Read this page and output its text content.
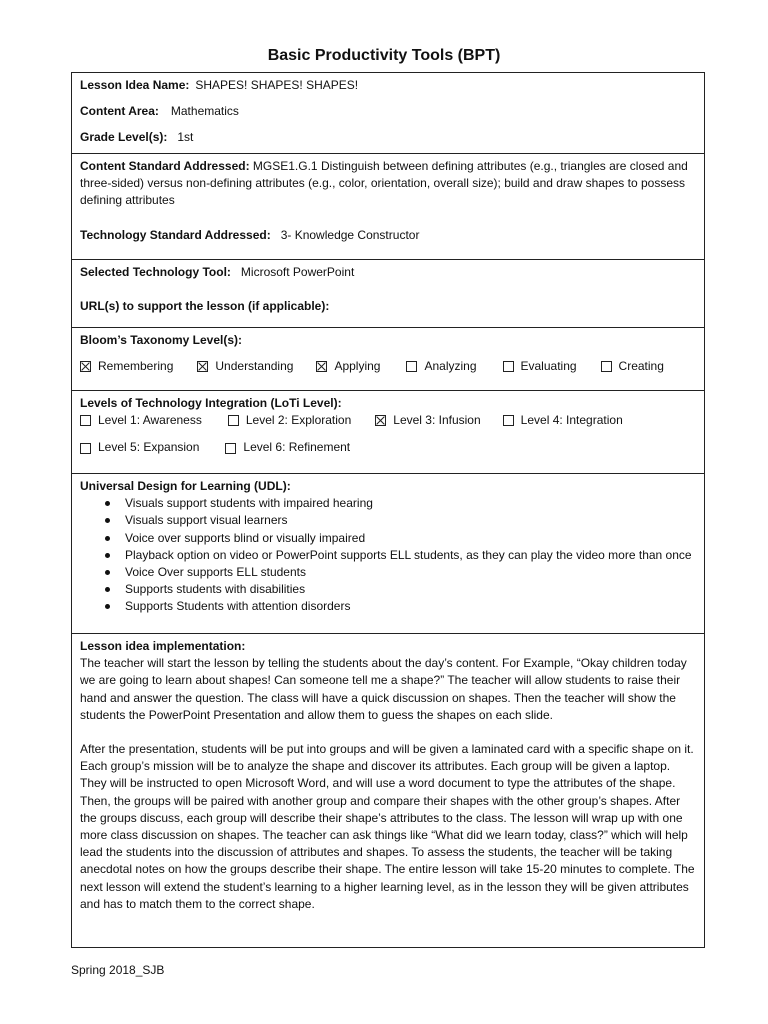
Basic Productivity Tools (BPT)
Lesson Idea Name: SHAPES! SHAPES! SHAPES!
Content Area: Mathematics
Grade Level(s): 1st
Content Standard Addressed: MGSE1.G.1 Distinguish between defining attributes (e.g., triangles are closed and three-sided) versus non-defining attributes (e.g., color, orientation, overall size); build and draw shapes to possess defining attributes
Technology Standard Addressed: 3- Knowledge Constructor
Selected Technology Tool: Microsoft PowerPoint
URL(s) to support the lesson (if applicable):
Bloom’s Taxonomy Level(s):
Remembering	Understanding	Applying	Analyzing	Evaluating	Creating
Levels of Technology Integration (LoTi Level):
Level 1: Awareness	Level 2: Exploration	Level 3: Infusion	Level 4: Integration
Level 5: Expansion	Level 6: Refinement
Universal Design for Learning (UDL):
Visuals support students with impaired hearing
Visuals support visual learners
Voice over supports blind or visually impaired
Playback option on video or PowerPoint supports ELL students, as they can play the video more than once
Voice Over supports ELL students
Supports students with disabilities
Supports Students with attention disorders
Lesson idea implementation:

The teacher will start the lesson by telling the students about the day’s content. For Example, “Okay children today we are going to learn about shapes! Can someone tell me a shape?” The teacher will allow students to raise their hand and answer the question. The class will have a quick discussion on shapes. Then the teacher will show the students the PowerPoint Presentation and allow them to guess the shapes on each slide.

After the presentation, students will be put into groups and will be given a laminated card with a specific shape on it. Each group’s mission will be to analyze the shape and discover its attributes. Each group will be given a laptop. They will be instructed to open Microsoft Word, and will use a word document to type the attributes of the shape. Then, the groups will be paired with another group and compare their shapes with the other group’s shapes. After the groups discuss, each group will describe their shape’s attributes to the class. The lesson will wrap up with one more class discussion on shapes. The teacher can ask things like “What did we learn today, class?” which will help lead the students into the discussion of attributes and shapes. To assess the students, the teacher will be taking anecdotal notes on how the groups describe their shape. The entire lesson will take 15-20 minutes to complete. The next lesson will extend the student’s learning to a higher learning level, as in the lesson they will be given attributes and has to match them to the correct shape.

Spring 2018_SJB
